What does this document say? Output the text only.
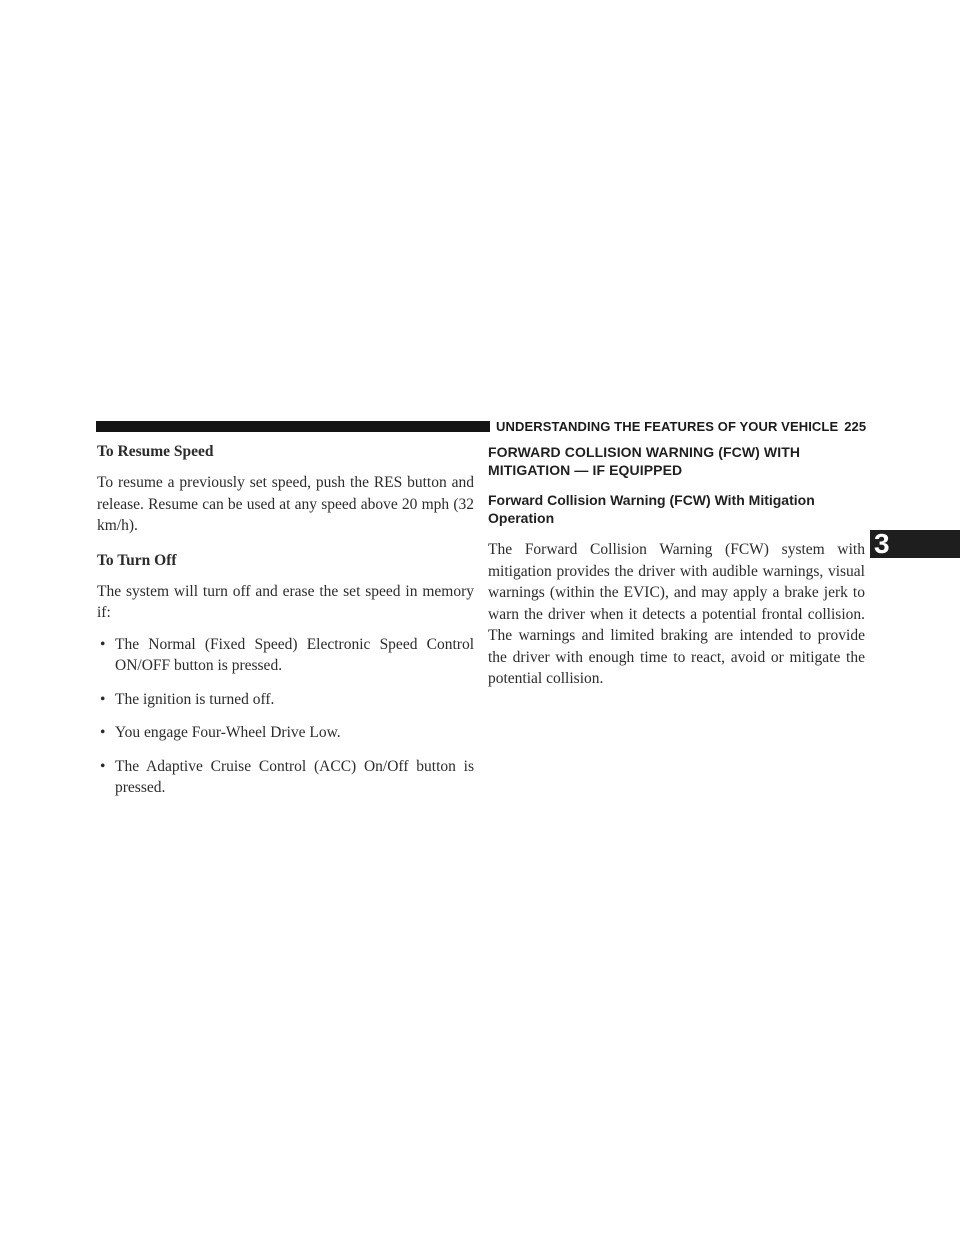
UNDERSTANDING THE FEATURES OF YOUR VEHICLE 225
3

To Resume Speed

To resume a previously set speed, push the RES button and release. Resume can be used at any speed above 20 mph (32 km/h).

To Turn Off

The system will turn off and erase the set speed in memory if:

• The Normal (Fixed Speed) Electronic Speed Control ON/OFF button is pressed.
• The ignition is turned off.
• You engage Four-Wheel Drive Low.
• The Adaptive Cruise Control (ACC) On/Off button is pressed.

FORWARD COLLISION WARNING (FCW) WITH MITIGATION — IF EQUIPPED

Forward Collision Warning (FCW) With Mitigation Operation

The Forward Collision Warning (FCW) system with mitigation provides the driver with audible warnings, visual warnings (within the EVIC), and may apply a brake jerk to warn the driver when it detects a potential frontal collision. The warnings and limited braking are intended to provide the driver with enough time to react, avoid or mitigate the potential collision.
